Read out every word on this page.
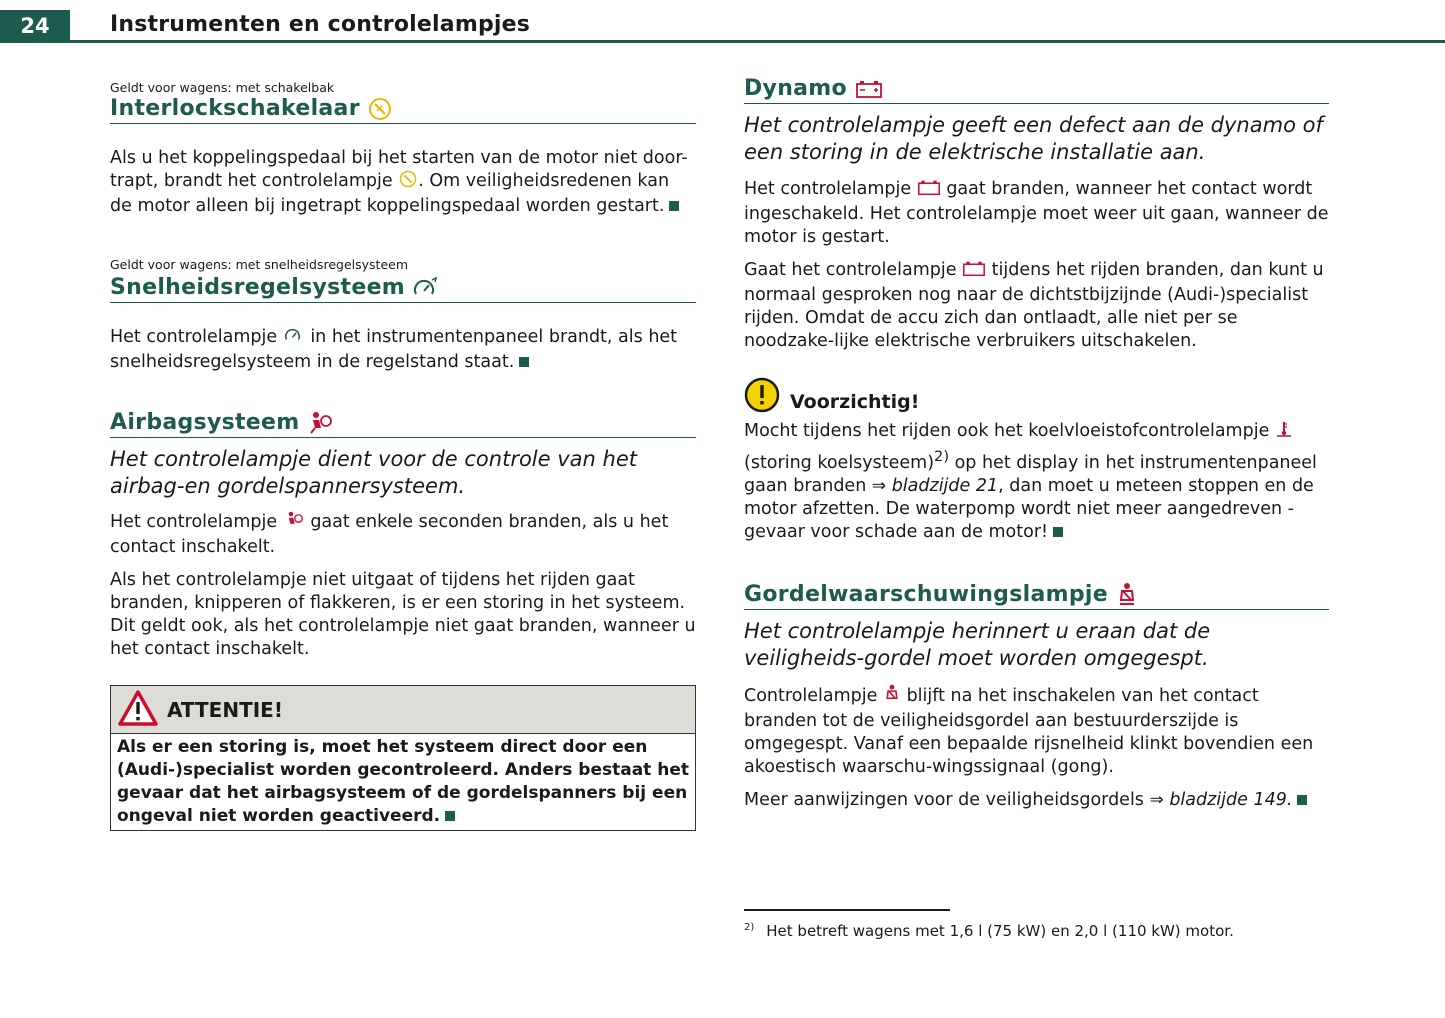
24	Instrumenten en controlelampjes
Geldt voor wagens: met schakelbak
Interlockschakelaar

Als u het koppelingspedaal bij het starten van de motor niet door-trapt, brandt het controlelampje . Om veiligheidsredenen kan de motor alleen bij ingetrapt koppelingspedaal worden gestart.

Geldt voor wagens: met snelheidsregelsysteem
Snelheidsregelsysteem

Het controlelampje in het instrumentenpaneel brandt, als het snelheidsregelsysteem in de regelstand staat.

Airbagsysteem
Het controlelampje dient voor de controle van het airbag-en gordelspannersysteem.

Het controlelampje gaat enkele seconden branden, als u het contact inschakelt.

Als het controlelampje niet uitgaat of tijdens het rijden gaat branden, knipperen of flakkeren, is er een storing in het systeem. Dit geldt ook, als het controlelampje niet gaat branden, wanneer u het contact inschakelt.

ATTENTIE!
Als er een storing is, moet het systeem direct door een (Audi-)specialist worden gecontroleerd. Anders bestaat het gevaar dat het airbagsysteem of de gordelspanners bij een ongeval niet worden geactiveerd.
Dynamo
Het controlelampje geeft een defect aan de dynamo of een storing in de elektrische installatie aan.

Het controlelampje gaat branden, wanneer het contact wordt ingeschakeld. Het controlelampje moet weer uit gaan, wanneer de motor is gestart.

Gaat het controlelampje tijdens het rijden branden, dan kunt u normaal gesproken nog naar de dichtstbijzijnde (Audi-)specialist rijden. Omdat de accu zich dan ontlaadt, alle niet per se noodzake-lijke elektrische verbruikers uitschakelen.

Voorzichtig!

Mocht tijdens het rijden ook het koelvloeistofcontrolelampje  (storing koelsysteem)$^{2)}$ op het display in het instrumentenpaneel gaan branden ⇒ bladzijde 21, dan moet u meteen stoppen en de motor afzetten. De waterpomp wordt niet meer aangedreven - gevaar voor schade aan de motor!

Gordelwaarschuwingslampje
Het controlelampje herinnert u eraan dat de veiligheids-gordel moet worden omgegespt.

Controlelampje blijft na het inschakelen van het contact branden tot de veiligheidsgordel aan bestuurderszijde is omgegespt. Vanaf een bepaalde rijsnelheid klinkt bovendien een akoestisch waarschu-wingssignaal (gong).

Meer aanwijzingen voor de veiligheidsgordels ⇒ bladzijde 149.

$^{2)}$ Het betreft wagens met 1,6 l (75 kW) en 2,0 l (110 kW) motor.
